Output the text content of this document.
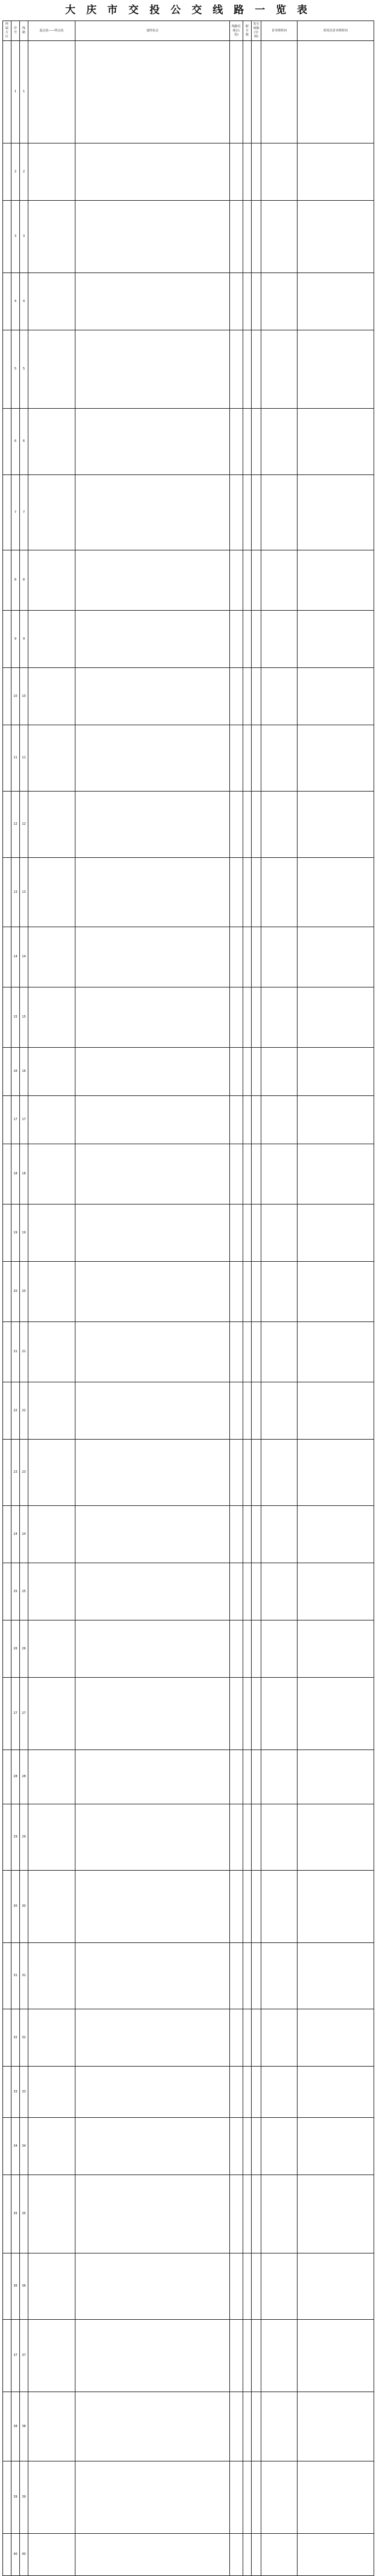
大 庆 市 交 投 公 交 线 路 一 览 表
所属片区	序号	线路	起点站——终点站	途经站点	线路长度(公里)	配车数	发车间隔(分钟)	首末班时间	始发站首末班时间
	1	1							
	2	2							
	3	3							
	4	4							
	5	5							
	6	6							
	7	7							
	8	8							
	9	9							
	10	10							
	11	11							
	12	12							
	13	13							
	14	14							
	15	15							
	16	16							
	17	17							
	18	18							
	19	19							
	20	20							
	21	21							
	22	22							
	23	23							
	24	24							
	25	25							
	26	26							
	27	27							
	28	28							
	29	29							
	30	30							
	31	31							
	32	32							
	33	33							
	34	34							
	35	35							
	36	36							
	37	37							
	38	38							
	39	39							
	40	40							
